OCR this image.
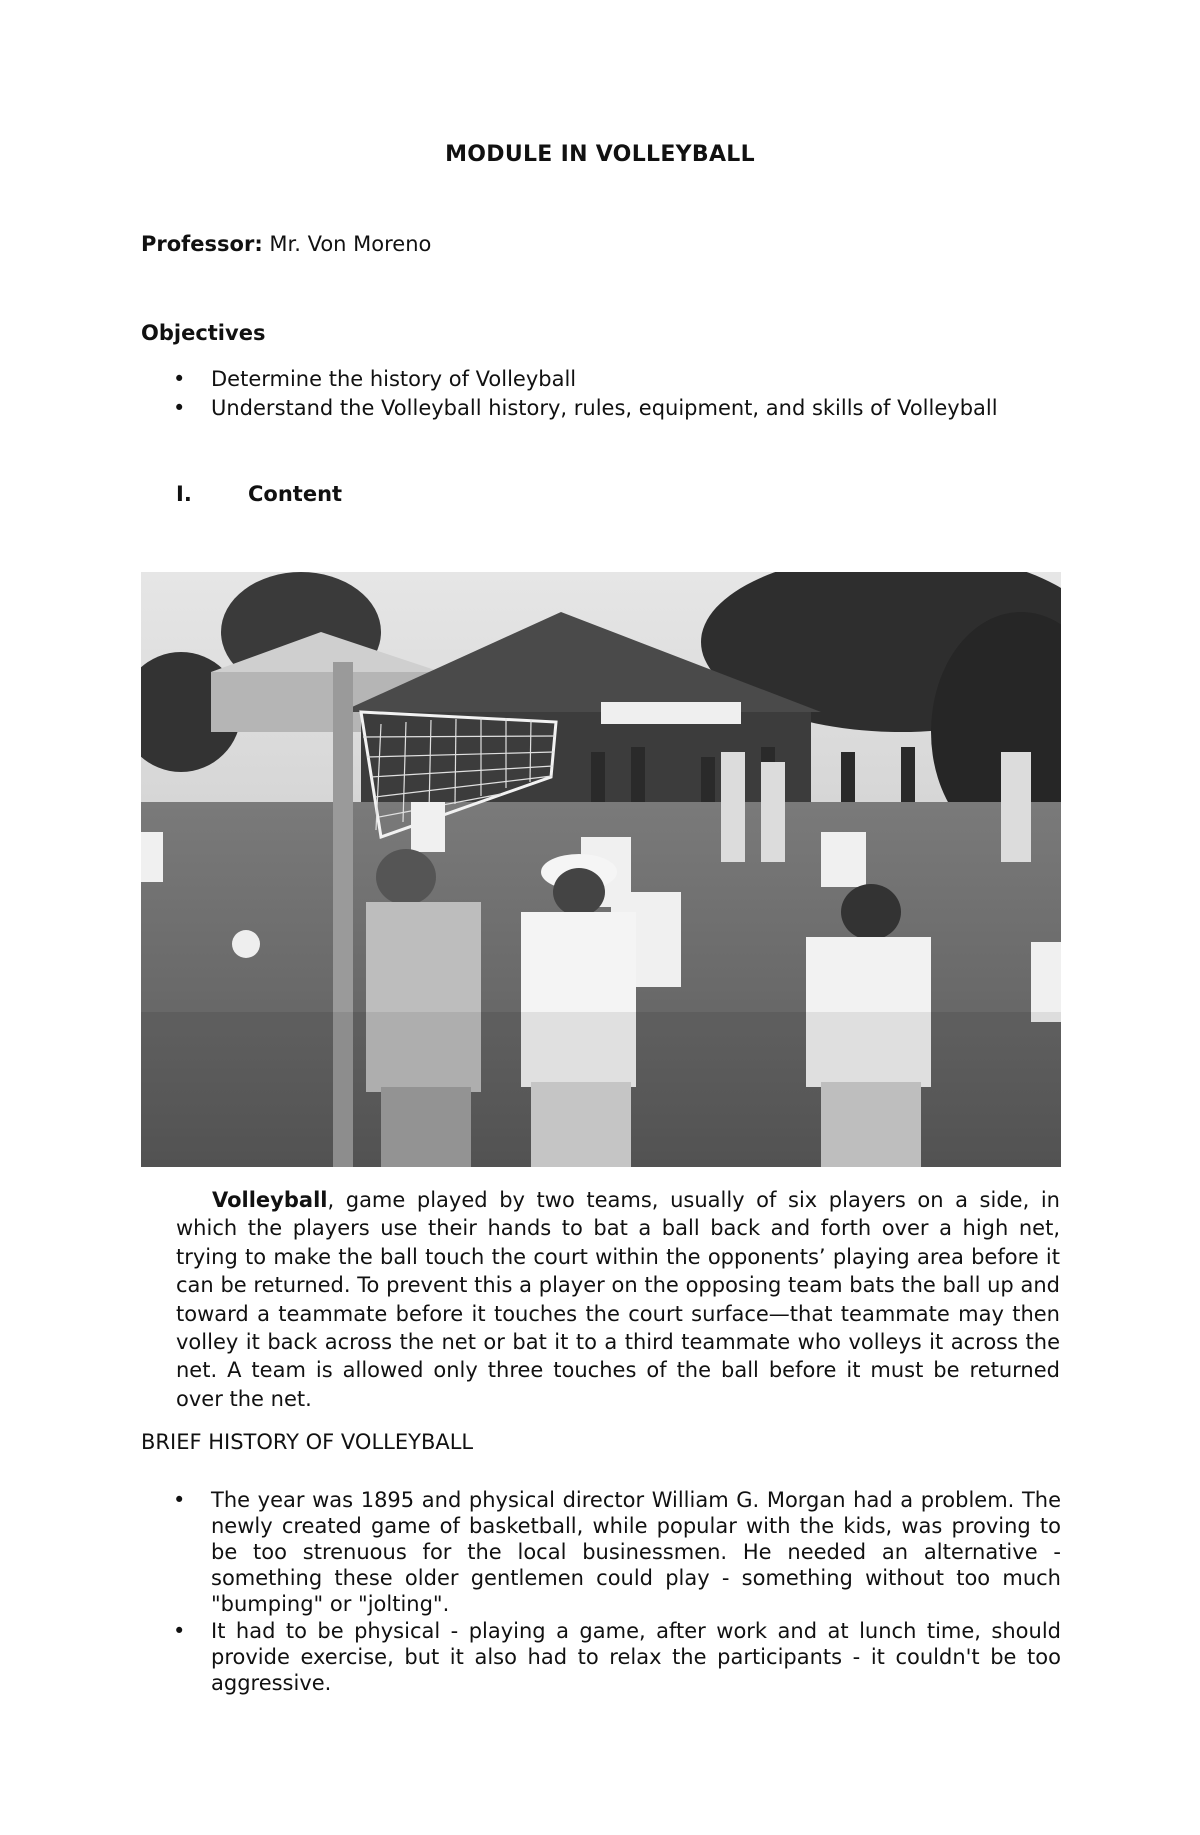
MODULE IN VOLLEYBALL
Professor: Mr. Von Moreno
Objectives
• Determine the history of Volleyball
• Understand the Volleyball history, rules, equipment, and skills of Volleyball
I.	Content

Volleyball, game played by two teams, usually of six players on a side, in which the players use their hands to bat a ball back and forth over a high net, trying to make the ball touch the court within the opponents’ playing area before it can be returned. To prevent this a player on the opposing team bats the ball up and toward a teammate before it touches the court surface—that teammate may then volley it back across the net or bat it to a third teammate who volleys it across the net. A team is allowed only three touches of the ball before it must be returned over the net.

BRIEF HISTORY OF VOLLEYBALL
• The year was 1895 and physical director William G. Morgan had a problem. The newly created game of basketball, while popular with the kids, was proving to be too strenuous for the local businessmen. He needed an alternative - something these older gentlemen could play - something without too much "bumping" or "jolting".
• It had to be physical - playing a game, after work and at lunch time, should provide exercise, but it also had to relax the participants - it couldn't be too aggressive.
